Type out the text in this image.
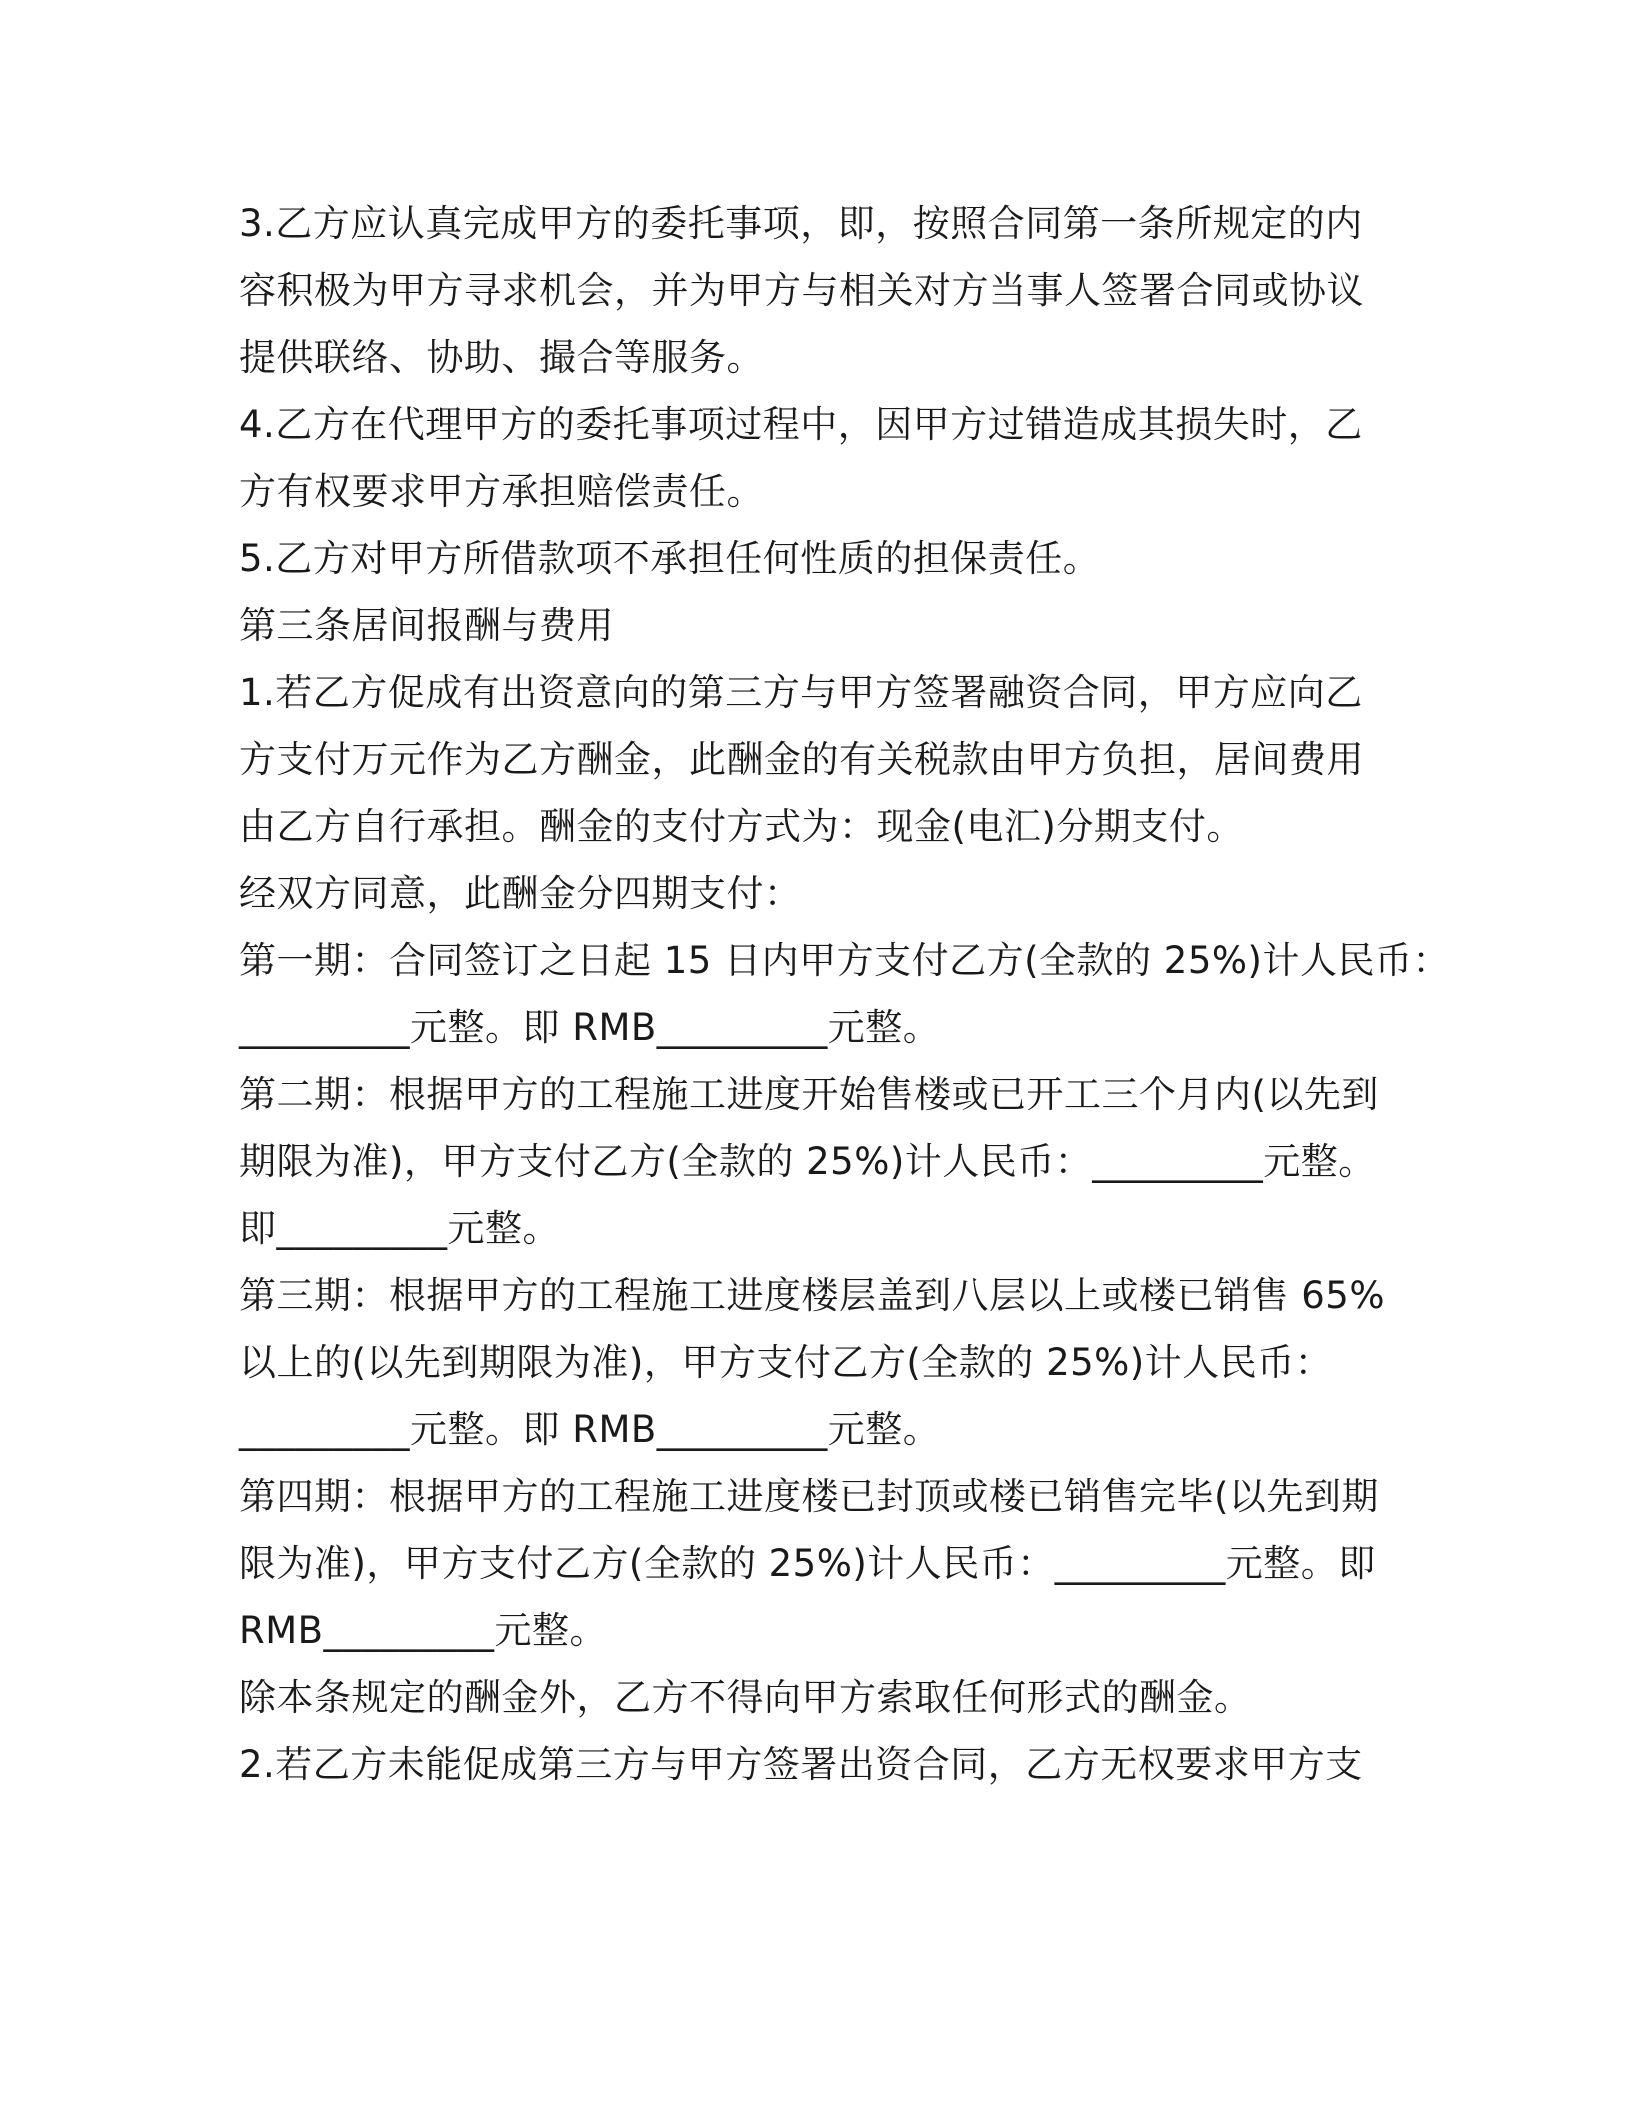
3.乙方应认真完成甲方的委托事项，即，按照合同第一条所规定的内
容积极为甲方寻求机会，并为甲方与相关对方当事人签署合同或协议
提供联络、协助、撮合等服务。
4.乙方在代理甲方的委托事项过程中，因甲方过错造成其损失时，乙
方有权要求甲方承担赔偿责任。
5.乙方对甲方所借款项不承担任何性质的担保责任。
第三条居间报酬与费用
1.若乙方促成有出资意向的第三方与甲方签署融资合同，甲方应向乙
方支付万元作为乙方酬金，此酬金的有关税款由甲方负担，居间费用
由乙方自行承担。酬金的支付方式为：现金(电汇)分期支付。
经双方同意，此酬金分四期支付：
第一期：合同签订之日起 15 日内甲方支付乙方(全款的 25%)计人民币：
_________元整。即 RMB_________元整。
第二期：根据甲方的工程施工进度开始售楼或已开工三个月内(以先到
期限为准)，甲方支付乙方(全款的 25%)计人民币：_________元整。
即_________元整。
第三期：根据甲方的工程施工进度楼层盖到八层以上或楼已销售 65%
以上的(以先到期限为准)，甲方支付乙方(全款的 25%)计人民币：
_________元整。即 RMB_________元整。
第四期：根据甲方的工程施工进度楼已封顶或楼已销售完毕(以先到期
限为准)，甲方支付乙方(全款的 25%)计人民币：_________元整。即
RMB_________元整。
除本条规定的酬金外，乙方不得向甲方索取任何形式的酬金。
2.若乙方未能促成第三方与甲方签署出资合同，乙方无权要求甲方支
